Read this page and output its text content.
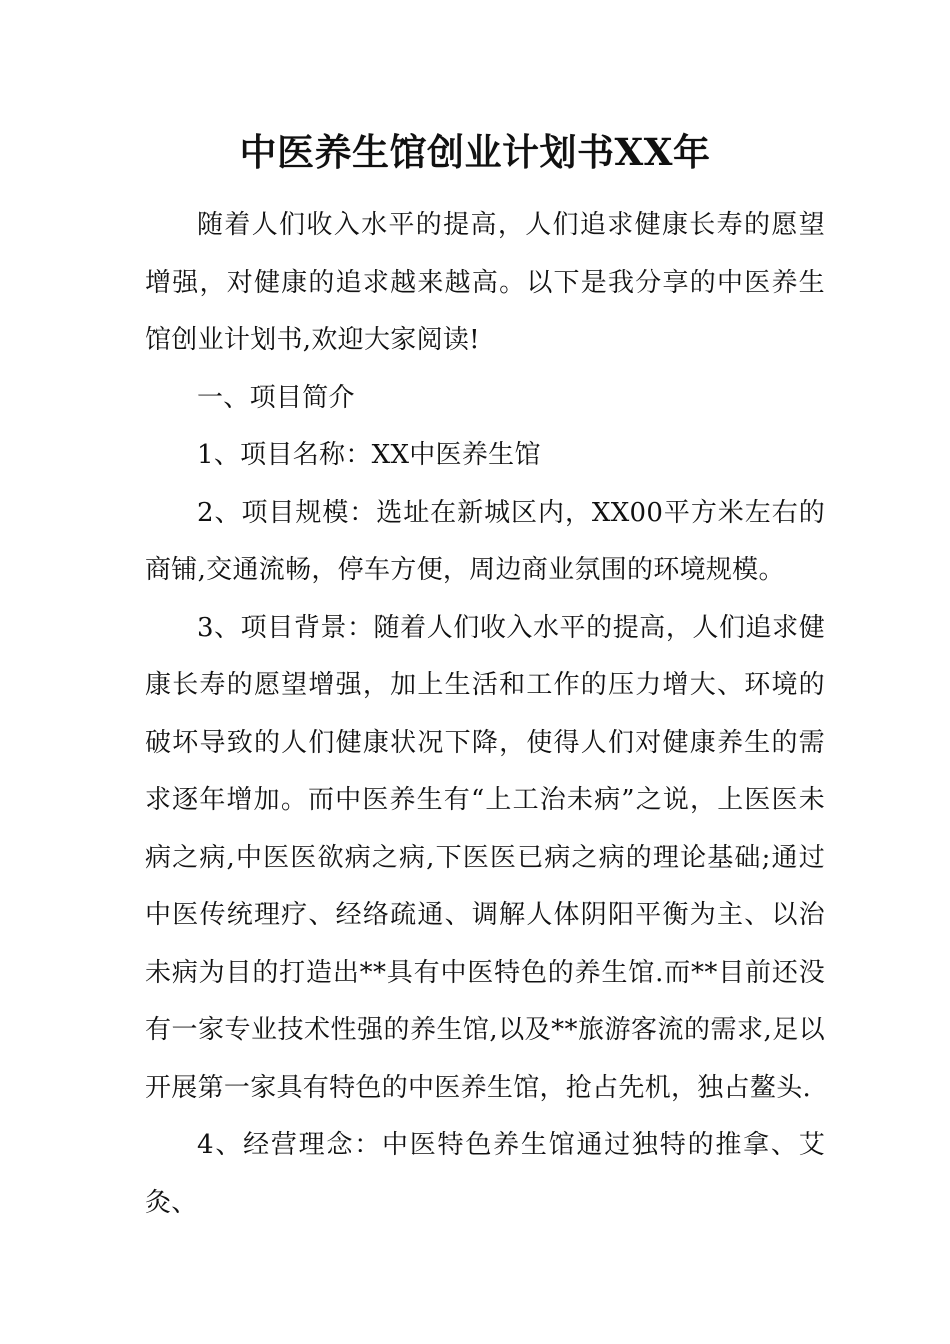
中医养生馆创业计划书XX年

随着人们收入水平的提高，人们追求健康长寿的愿望增强，对健康的追求越来越高。以下是我分享的中医养生馆创业计划书,欢迎大家阅读!

一、项目简介

1、项目名称：XX中医养生馆

2、项目规模：选址在新城区内，XX00平方米左右的商铺,交通流畅，停车方便，周边商业氛围的环境规模。

3、项目背景：随着人们收入水平的提高，人们追求健康长寿的愿望增强，加上生活和工作的压力增大、环境的破坏导致的人们健康状况下降，使得人们对健康养生的需求逐年增加。而中医养生有“上工治未病”之说，上医医未病之病,中医医欲病之病,下医医已病之病的理论基础;通过中医传统理疗、经络疏通、调解人体阴阳平衡为主、以治未病为目的打造出**具有中医特色的养生馆.而**目前还没有一家专业技术性强的养生馆,以及**旅游客流的需求,足以开展第一家具有特色的中医养生馆，抢占先机，独占鳌头.

4、经营理念：中医特色养生馆通过独特的推拿、艾灸、
